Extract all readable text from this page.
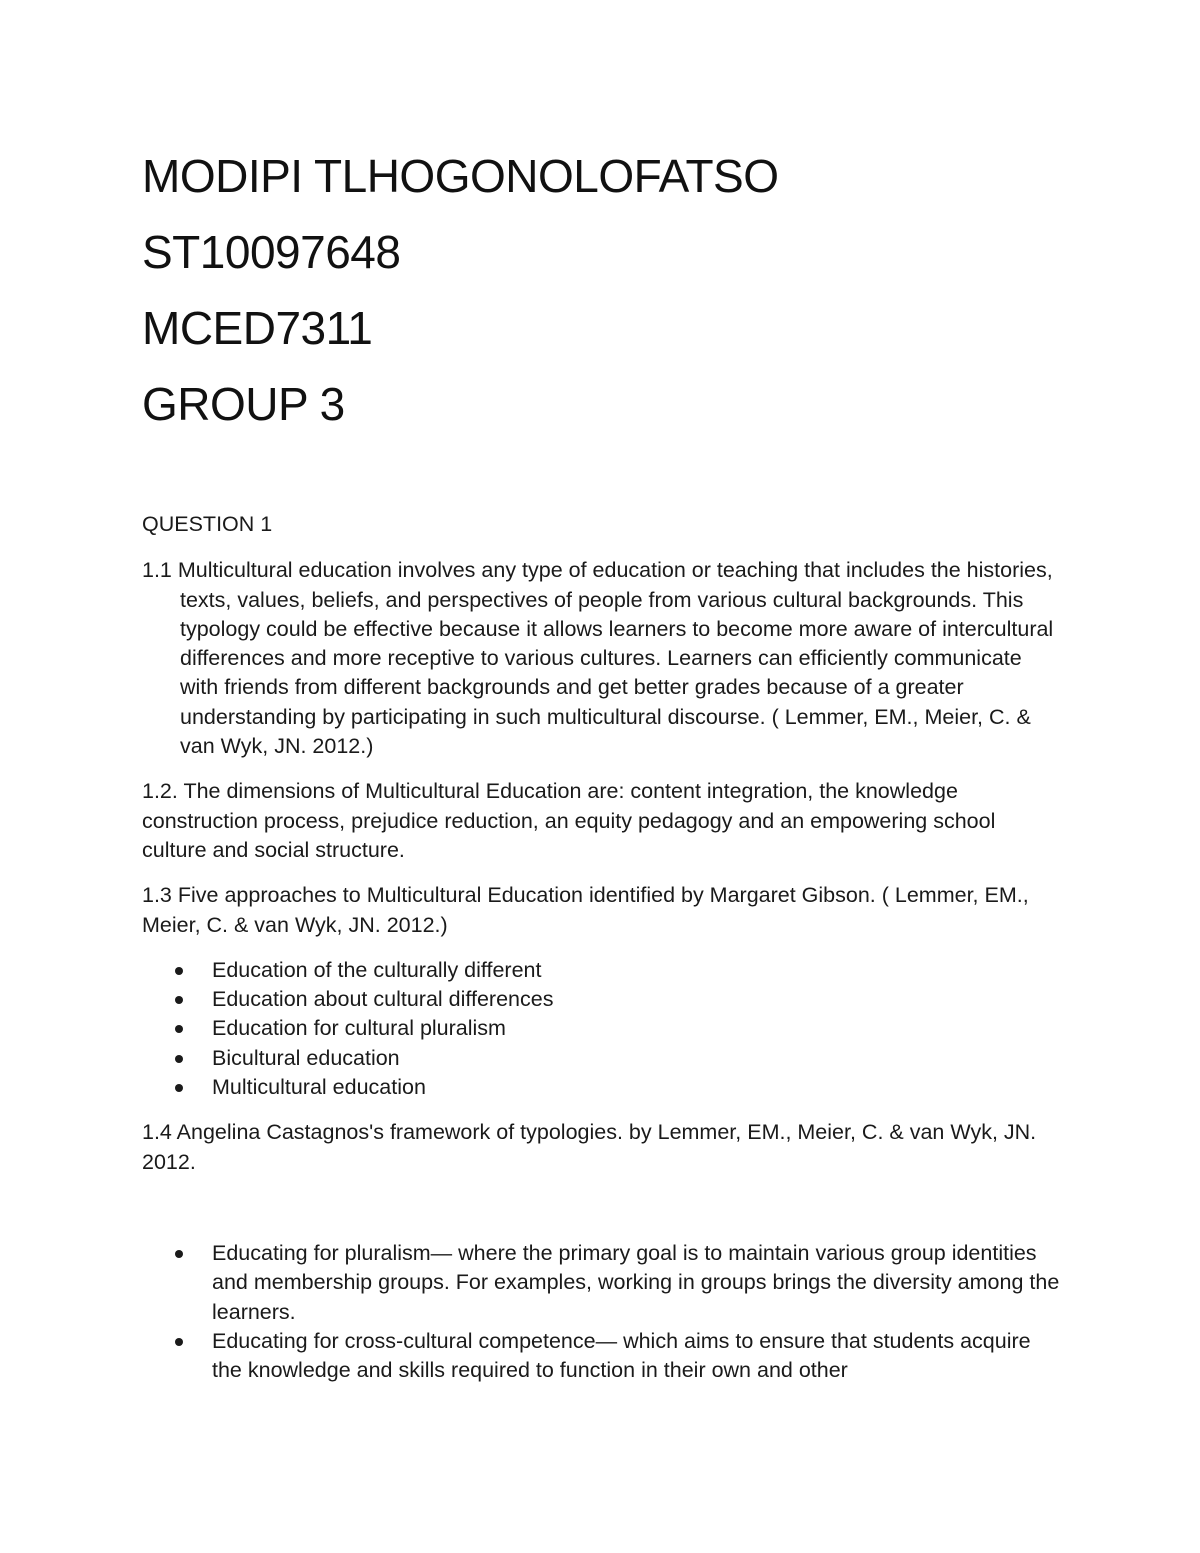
MODIPI TLHOGONOLOFATSO
ST10097648
MCED7311
GROUP 3
QUESTION 1
1.1 Multicultural education involves any type of education or teaching that includes the histories, texts, values, beliefs, and perspectives of people from various cultural backgrounds. This typology could be effective because it allows learners to become more aware of intercultural differences and more receptive to various cultures. Learners can efficiently communicate with friends from different backgrounds and get better grades because of a greater understanding by participating in such multicultural discourse. ( Lemmer, EM., Meier, C. & van Wyk, JN. 2012.)
1.2. The dimensions of Multicultural Education are: content integration, the knowledge construction process, prejudice reduction, an equity pedagogy and an empowering school culture and social structure.
1.3 Five approaches to Multicultural Education identified by Margaret Gibson. ( Lemmer, EM., Meier, C. & van Wyk, JN. 2012.)
Education of the culturally different
Education about cultural differences
Education for cultural pluralism
Bicultural education
Multicultural education
1.4 Angelina Castagnos's framework of typologies. by Lemmer, EM., Meier, C. & van Wyk, JN. 2012.
Educating for pluralism— where the primary goal is to maintain various group identities and membership groups. For examples, working in groups brings the diversity among the learners.
Educating for cross-cultural competence— which aims to ensure that students acquire the knowledge and skills required to function in their own and other
